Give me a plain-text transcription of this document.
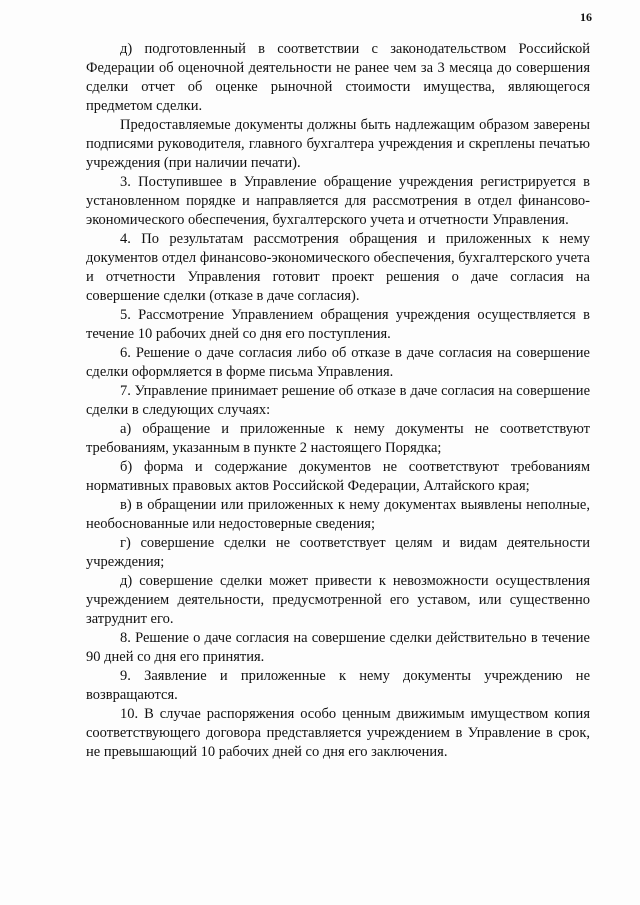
16

д) подготовленный в соответствии с законодательством Российской Федерации об оценочной деятельности не ранее чем за 3 месяца до совершения сделки отчет об оценке рыночной стоимости имущества, являющегося предметом сделки.

Предоставляемые документы должны быть надлежащим образом заверены подписями руководителя, главного бухгалтера учреждения и скреплены печатью учреждения (при наличии печати).

3. Поступившее в Управление обращение учреждения регистрируется в установленном порядке и направляется для рассмотрения в отдел финансово-экономического обеспечения, бухгалтерского учета и отчетности Управления.

4. По результатам рассмотрения обращения и приложенных к нему документов отдел финансово-экономического обеспечения, бухгалтерского учета и отчетности Управления готовит проект решения о даче согласия на совершение сделки (отказе в даче согласия).

5. Рассмотрение Управлением обращения учреждения осуществляется в течение 10 рабочих дней со дня его поступления.

6. Решение о даче согласия либо об отказе в даче согласия на совершение сделки оформляется в форме письма Управления.

7. Управление принимает решение об отказе в даче согласия на совершение сделки в следующих случаях:

а) обращение и приложенные к нему документы не соответствуют требованиям, указанным в пункте 2 настоящего Порядка;

б) форма и содержание документов не соответствуют требованиям нормативных правовых актов Российской Федерации, Алтайского края;

в) в обращении или приложенных к нему документах выявлены неполные, необоснованные или недостоверные сведения;

г) совершение сделки не соответствует целям и видам деятельности учреждения;

д) совершение сделки может привести к невозможности осуществления учреждением деятельности, предусмотренной его уставом, или существенно затруднит его.

8. Решение о даче согласия на совершение сделки действительно в течение 90 дней со дня его принятия.

9. Заявление и приложенные к нему документы учреждению не возвращаются.

10. В случае распоряжения особо ценным движимым имуществом копия соответствующего договора представляется учреждением в Управление в срок, не превышающий 10 рабочих дней со дня его заключения.
